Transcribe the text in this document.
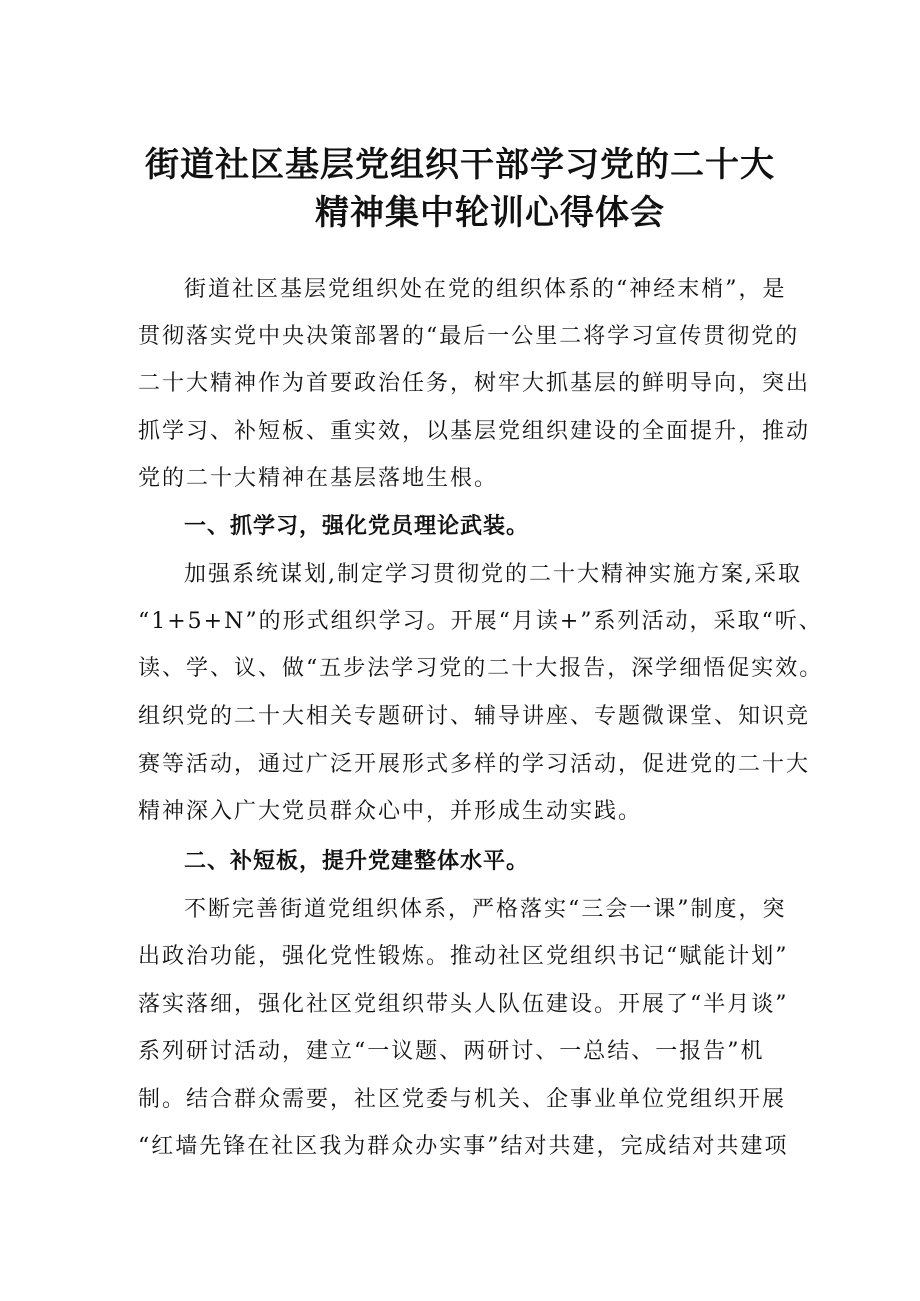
街道社区基层党组织干部学习党的二十大
精神集中轮训心得体会
街道社区基层党组织处在党的组织体系的“神经末梢”，是
贯彻落实党中央决策部署的“最后一公里二将学习宣传贯彻党的
二十大精神作为首要政治任务，树牢大抓基层的鲜明导向，突出
抓学习、补短板、重实效，以基层党组织建设的全面提升，推动
党的二十大精神在基层落地生根。
一、抓学习，强化党员理论武装。
加强系统谋划,制定学习贯彻党的二十大精神实施方案,采取
“1+5+N”的形式组织学习。开展“月读+”系列活动，采取“听、
读、学、议、做“五步法学习党的二十大报告，深学细悟促实效。
组织党的二十大相关专题研讨、辅导讲座、专题微课堂、知识竞
赛等活动，通过广泛开展形式多样的学习活动，促进党的二十大
精神深入广大党员群众心中，并形成生动实践。
二、补短板，提升党建整体水平。
不断完善街道党组织体系，严格落实“三会一课”制度，突
出政治功能，强化党性锻炼。推动社区党组织书记“赋能计划”
落实落细，强化社区党组织带头人队伍建设。开展了“半月谈”
系列研讨活动，建立“一议题、两研讨、一总结、一报告”机
制。结合群众需要，社区党委与机关、企事业单位党组织开展
“红墙先锋在社区我为群众办实事”结对共建，完成结对共建项
